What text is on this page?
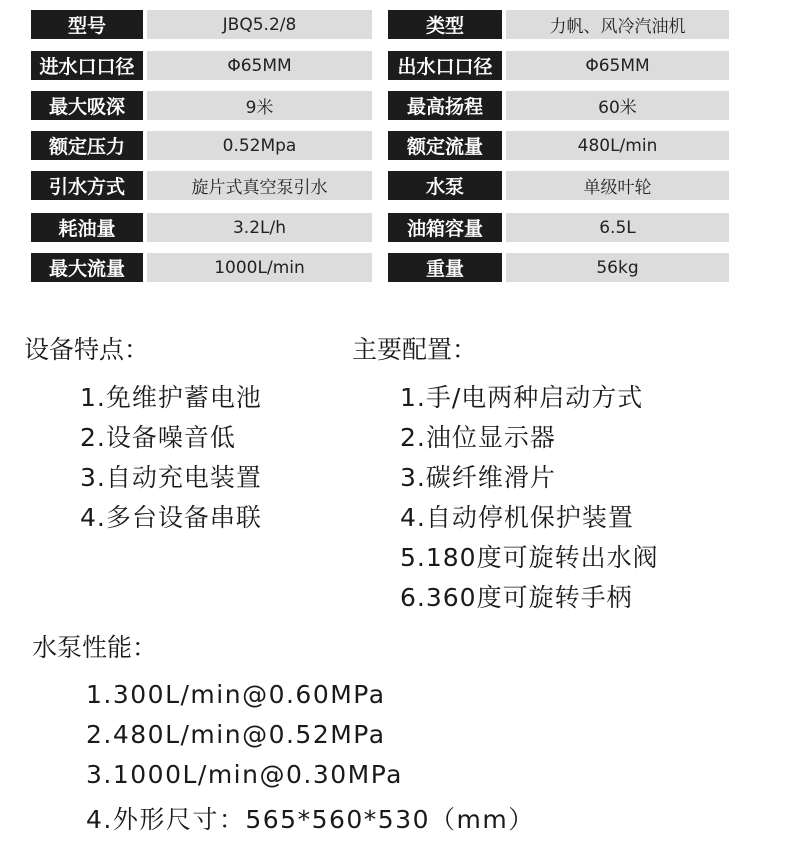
型号	JBQ5.2/8	类型	力帆、风冷汽油机
进水口口径	Φ65MM	出水口口径	Φ65MM
最大吸深	9米	最高扬程	60米
额定压力	0.52Mpa	额定流量	480L/min
引水方式	旋片式真空泵引水	水泵	单级叶轮
耗油量	3.2L/h	油箱容量	6.5L
最大流量	1000L/min	重量	56kg
设备特点：
1.免维护蓄电池
2.设备噪音低
3.自动充电装置
4.多台设备串联
主要配置：
1.手/电两种启动方式
2.油位显示器
3.碳纤维滑片
4.自动停机保护装置
5.180度可旋转出水阀
6.360度可旋转手柄
水泵性能：
1.300L/min@0.60MPa
2.480L/min@0.52MPa
3.1000L/min@0.30MPa
4.外形尺寸：565*560*530（mm）
